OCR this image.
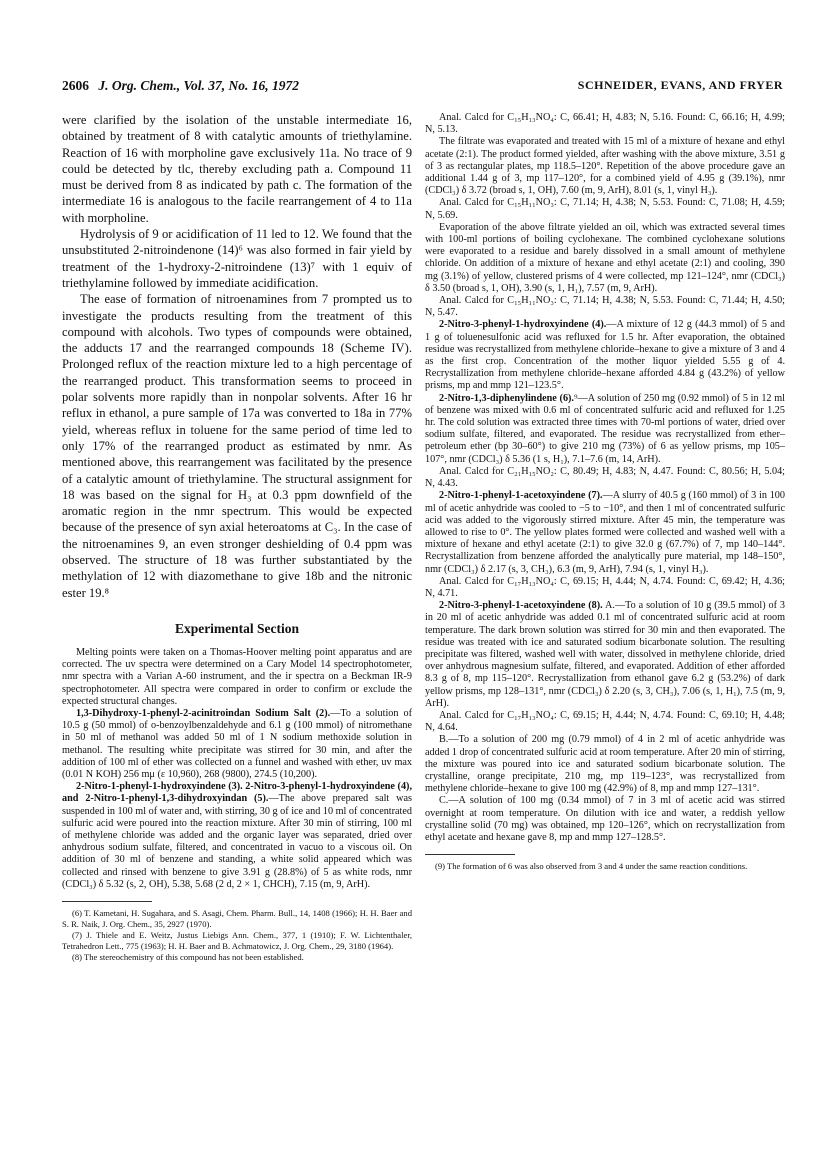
2606 J. Org. Chem., Vol. 37, No. 16, 1972	SCHNEIDER, EVANS, AND FRYER

were clarified by the isolation of the unstable intermediate 16, obtained by treatment of 8 with catalytic amounts of triethylamine. Reaction of 16 with morpholine gave exclusively 11a. No trace of 9 could be detected by tlc, thereby excluding path a. Compound 11 must be derived from 8 as indicated by path c. The formation of the intermediate 16 is analogous to the facile rearrangement of 4 to 11a with morpholine.

Hydrolysis of 9 or acidification of 11 led to 12. We found that the unsubstituted 2-nitroindenone (14)⁶ was also formed in fair yield by treatment of the 1-hydroxy-2-nitroindene (13)⁷ with 1 equiv of triethylamine followed by immediate acidification.

The ease of formation of nitroenamines from 7 prompted us to investigate the products resulting from the treatment of this compound with alcohols. Two types of compounds were obtained, the adducts 17 and the rearranged compounds 18 (Scheme IV). Prolonged reflux of the reaction mixture led to a high percentage of the rearranged product. This transformation seems to proceed in polar solvents more rapidly than in nonpolar solvents. After 16 hr reflux in ethanol, a pure sample of 17a was converted to 18a in 77% yield, whereas reflux in toluene for the same period of time led to only 17% of the rearranged product as estimated by nmr. As mentioned above, this rearrangement was facilitated by the presence of a catalytic amount of triethylamine. The structural assignment for 18 was based on the signal for H₃ at 0.3 ppm downfield of the aromatic region in the nmr spectrum. This would be expected because of the presence of syn axial heteroatoms at C₃. In the case of the nitroenamines 9, an even stronger deshielding of 0.4 ppm was observed. The structure of 18 was further substantiated by the methylation of 12 with diazomethane to give 18b and the nitronic ester 19.⁸

Experimental Section

Melting points were taken on a Thomas-Hoover melting point apparatus and are corrected. The uv spectra were determined on a Cary Model 14 spectrophotometer, nmr spectra with a Varian A-60 instrument, and the ir spectra on a Beckman IR-9 spectrophotometer. All spectra were compared in order to confirm or exclude the expected structural changes.

1,3-Dihydroxy-1-phenyl-2-acinitroindan Sodium Salt (2).—To a solution of 10.5 g (50 mmol) of o-benzoylbenzaldehyde and 6.1 g (100 mmol) of nitromethane in 50 ml of methanol was added 50 ml of 1 N sodium methoxide solution in methanol. The resulting white precipitate was stirred for 30 min, and after the addition of 100 ml of ether was collected on a funnel and washed with ether, uv max (0.01 N KOH) 256 mμ (ε 10,960), 268 (9800), 274.5 (10,200).

2-Nitro-1-phenyl-1-hydroxyindene (3). 2-Nitro-3-phenyl-1-hydroxyindene (4), and 2-Nitro-1-phenyl-1,3-dihydroxyindan (5).—The above prepared salt was suspended in 100 ml of water and, with stirring, 30 g of ice and 10 ml of concentrated sulfuric acid were poured into the reaction mixture. After 30 min of stirring, 100 ml of methylene chloride was added and the organic layer was separated, dried over anhydrous sodium sulfate, filtered, and concentrated in vacuo to a viscous oil. On addition of 30 ml of benzene and standing, a white solid appeared which was collected and rinsed with benzene to give 3.91 g (28.8%) of 5 as white rods, nmr (CDCl₃) δ 5.32 (s, 2, OH), 5.38, 5.68 (2 d, 2 × 1, CHCH), 7.15 (m, 9, ArH).

(6) T. Kametani, H. Sugahara, and S. Asagi, Chem. Pharm. Bull., 14, 1408 (1966); H. H. Baer and S. R. Naik, J. Org. Chem., 35, 2927 (1970).

(7) J. Thiele and E. Weitz, Justus Liebigs Ann. Chem., 377, 1 (1910); F. W. Lichtenthaler, Tetrahedron Lett., 775 (1963); H. H. Baer and B. Achmatowicz, J. Org. Chem., 29, 3180 (1964).

(8) The stereochemistry of this compound has not been established.

Anal. Calcd for C₁₅H₁₃NO₄: C, 66.41; H, 4.83; N, 5.16. Found: C, 66.16; H, 4.99; N, 5.13.

The filtrate was evaporated and treated with 15 ml of a mixture of hexane and ethyl acetate (2:1). The product formed yielded, after washing with the above mixture, 3.51 g of 3 as rectangular plates, mp 118.5–120°. Repetition of the above procedure gave an additional 1.44 g of 3, mp 117–120°, for a combined yield of 4.95 g (39.1%), nmr (CDCl₃) δ 3.72 (broad s, 1, OH), 7.60 (m, 9, ArH), 8.01 (s, 1, vinyl H₃).

Anal. Calcd for C₁₅H₁₁NO₃: C, 71.14; H, 4.38; N, 5.53. Found: C, 71.08; H, 4.59; N, 5.69.

Evaporation of the above filtrate yielded an oil, which was extracted several times with 100-ml portions of boiling cyclohexane. The combined cyclohexane solutions were evaporated to a residue and barely dissolved in a small amount of methylene chloride. On addition of a mixture of hexane and ethyl acetate (2:1) and cooling, 390 mg (3.1%) of yellow, clustered prisms of 4 were collected, mp 121–124°, nmr (CDCl₃) δ 3.50 (broad s, 1, OH), 3.90 (s, 1, H₁), 7.57 (m, 9, ArH).

Anal. Calcd for C₁₅H₁₁NO₃: C, 71.14; H, 4.38; N, 5.53. Found: C, 71.44; H, 4.50; N, 5.47.

2-Nitro-3-phenyl-1-hydroxyindene (4).—A mixture of 12 g (44.3 mmol) of 5 and 1 g of toluenesulfonic acid was refluxed for 1.5 hr. After evaporation, the obtained residue was recrystallized from methylene chloride–hexane to give a mixture of 3 and 4 as the first crop. Concentration of the mother liquor yielded 5.55 g of 4. Recrystallization from methylene chloride–hexane afforded 4.84 g (43.2%) of yellow prisms, mp and mmp 121–123.5°.

2-Nitro-1,3-diphenylindene (6).⁹—A solution of 250 mg (0.92 mmol) of 5 in 12 ml of benzene was mixed with 0.6 ml of concentrated sulfuric acid and refluxed for 1.25 hr. The cold solution was extracted three times with 70-ml portions of water, dried over sodium sulfate, filtered, and evaporated. The residue was recrystallized from ether–petroleum ether (bp 30–60°) to give 210 mg (73%) of 6 as yellow prisms, mp 105–107°, nmr (CDCl₃) δ 5.36 (1 s, H₁), 7.1–7.6 (m, 14, ArH).

Anal. Calcd for C₂₁H₁₅NO₂: C, 80.49; H, 4.83; N, 4.47. Found: C, 80.56; H, 5.04; N, 4.43.

2-Nitro-1-phenyl-1-acetoxyindene (7).—A slurry of 40.5 g (160 mmol) of 3 in 100 ml of acetic anhydride was cooled to −5 to −10°, and then 1 ml of concentrated sulfuric acid was added to the vigorously stirred mixture. After 45 min, the temperature was allowed to rise to 0°. The yellow plates formed were collected and washed well with a mixture of hexane and ethyl acetate (2:1) to give 32.0 g (67.7%) of 7, mp 140–144°. Recrystallization from benzene afforded the analytically pure material, mp 148–150°, nmr (CDCl₃) δ 2.17 (s, 3, CH₃), 6.3 (m, 9, ArH), 7.94 (s, 1, vinyl H₃).

Anal. Calcd for C₁₇H₁₃NO₄: C, 69.15; H, 4.44; N, 4.74. Found: C, 69.42; H, 4.36; N, 4.71.

2-Nitro-3-phenyl-1-acetoxyindene (8). A.—To a solution of 10 g (39.5 mmol) of 3 in 20 ml of acetic anhydride was added 0.1 ml of concentrated sulfuric acid at room temperature. The dark brown solution was stirred for 30 min and then evaporated. The residue was treated with ice and saturated sodium bicarbonate solution. The resulting precipitate was filtered, washed well with water, dissolved in methylene chloride, dried over anhydrous magnesium sulfate, filtered, and evaporated. Addition of ether afforded 8.3 g of 8, mp 115–120°. Recrystallization from ethanol gave 6.2 g (53.2%) of dark yellow prisms, mp 128–131°, nmr (CDCl₃) δ 2.20 (s, 3, CH₃), 7.06 (s, 1, H₁), 7.5 (m, 9, ArH).

Anal. Calcd for C₁₇H₁₃NO₄: C, 69.15; H, 4.44; N, 4.74. Found: C, 69.10; H, 4.48; N, 4.64.

B.—To a solution of 200 mg (0.79 mmol) of 4 in 2 ml of acetic anhydride was added 1 drop of concentrated sulfuric acid at room temperature. After 20 min of stirring, the mixture was poured into ice and saturated sodium bicarbonate solution. The crystalline, orange precipitate, 210 mg, mp 119–123°, was recrystallized from methylene chloride–hexane to give 100 mg (42.9%) of 8, mp and mmp 127–131°.

C.—A solution of 100 mg (0.34 mmol) of 7 in 3 ml of acetic acid was stirred overnight at room temperature. On dilution with ice and water, a reddish yellow crystalline solid (70 mg) was obtained, mp 120–126°, which on recrystallization from ethyl acetate and hexane gave 8, mp and mmp 127–128.5°.

(9) The formation of 6 was also observed from 3 and 4 under the same reaction conditions.
